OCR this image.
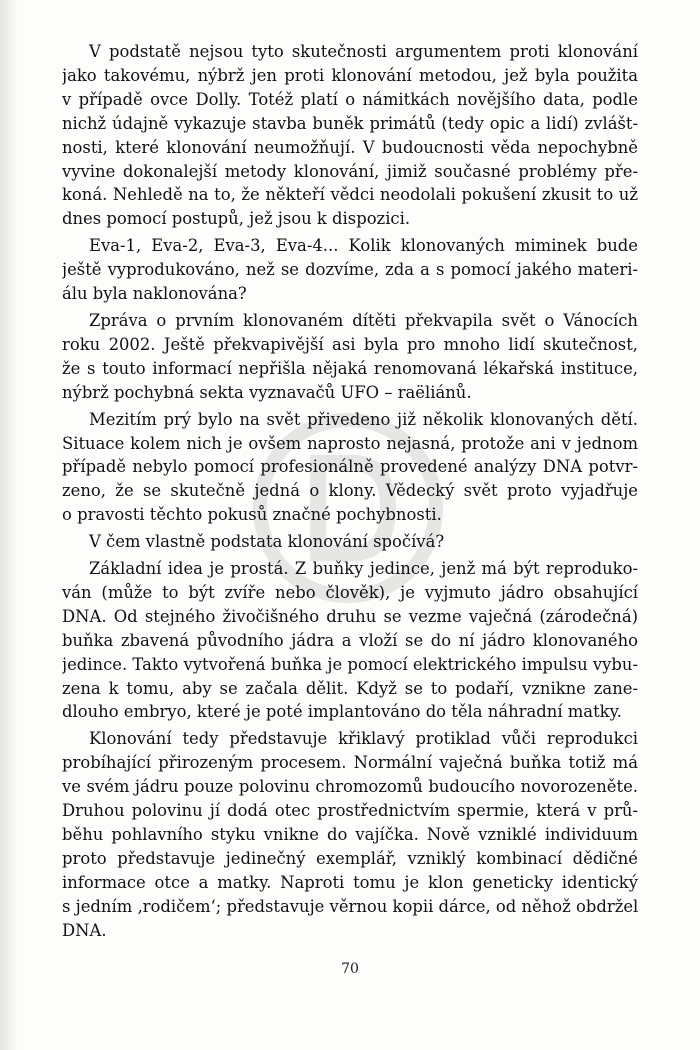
V podstatě nejsou tyto skutečnosti argumentem proti klonování
jako takovému, nýbrž jen proti klonování metodou, jež byla použita
v případě ovce Dolly. Totéž platí o námitkách novějšího data, podle
nichž údajně vykazuje stavba buněk primátů (tedy opic a lidí) zvlášt-
nosti, které klonování neumožňují. V budoucnosti věda nepochybně
vyvine dokonalejší metody klonování, jimiž současné problémy pře-
koná. Nehledě na to, že někteří vědci neodolali pokušení zkusit to už
dnes pomocí postupů, jež jsou k dispozici.

Eva-1, Eva-2, Eva-3, Eva-4... Kolik klonovaných miminek bude
ještě vyprodukováno, než se dozvíme, zda a s pomocí jakého materi-
álu byla naklonována?

Zpráva o prvním klonovaném dítěti překvapila svět o Vánocích
roku 2002. Ještě překvapivější asi byla pro mnoho lidí skutečnost,
že s touto informací nepřišla nějaká renomovaná lékařská instituce,
nýbrž pochybná sekta vyznavačů UFO – raëliánů.

Mezitím prý bylo na svět přivedeno již několik klonovaných dětí.
Situace kolem nich je ovšem naprosto nejasná, protože ani v jednom
případě nebylo pomocí profesionálně provedené analýzy DNA potvr-
zeno, že se skutečně jedná o klony. Vědecký svět proto vyjadřuje
o pravosti těchto pokusů značné pochybnosti.

V čem vlastně podstata klonování spočívá?

Základní idea je prostá. Z buňky jedince, jenž má být reproduko-
ván (může to být zvíře nebo člověk), je vyjmuto jádro obsahující
DNA. Od stejného živočišného druhu se vezme vaječná (zárodečná)
buňka zbavená původního jádra a vloží se do ní jádro klonovaného
jedince. Takto vytvořená buňka je pomocí elektrického impulsu vybu-
zena k tomu, aby se začala dělit. Když se to podaří, vznikne zane-
dlouho embryo, které je poté implantováno do těla náhradní matky.

Klonování tedy představuje křiklavý protiklad vůči reprodukci
probíhající přirozeným procesem. Normální vaječná buňka totiž má
ve svém jádru pouze polovinu chromozomů budoucího novorozeněte.
Druhou polovinu jí dodá otec prostřednictvím spermie, která v prů-
běhu pohlavního styku vnikne do vajíčka. Nově vzniklé individuum
proto představuje jedinečný exemplář, vzniklý kombinací dědičné
informace otce a matky. Naproti tomu je klon geneticky identický
s jedním ‚rodičem‘; představuje věrnou kopii dárce, od něhož obdržel
DNA.

70
